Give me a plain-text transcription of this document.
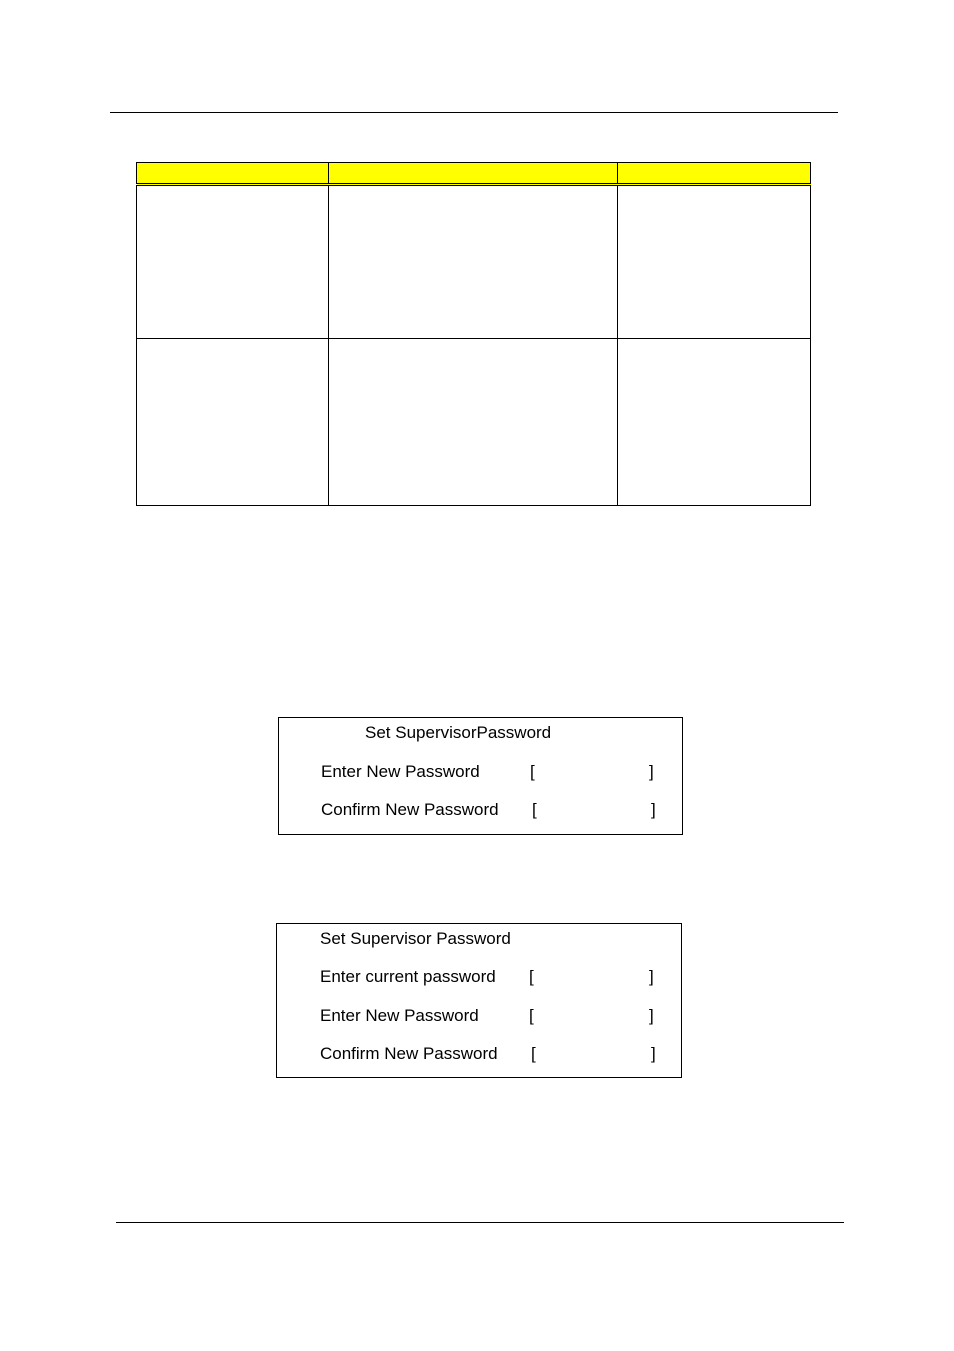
Set SupervisorPassword
Enter New Password	[	]
Confirm New Password [	]
Set Supervisor Password
Enter current password [	]
Enter New Password	[	]
Confirm New Password [	]
